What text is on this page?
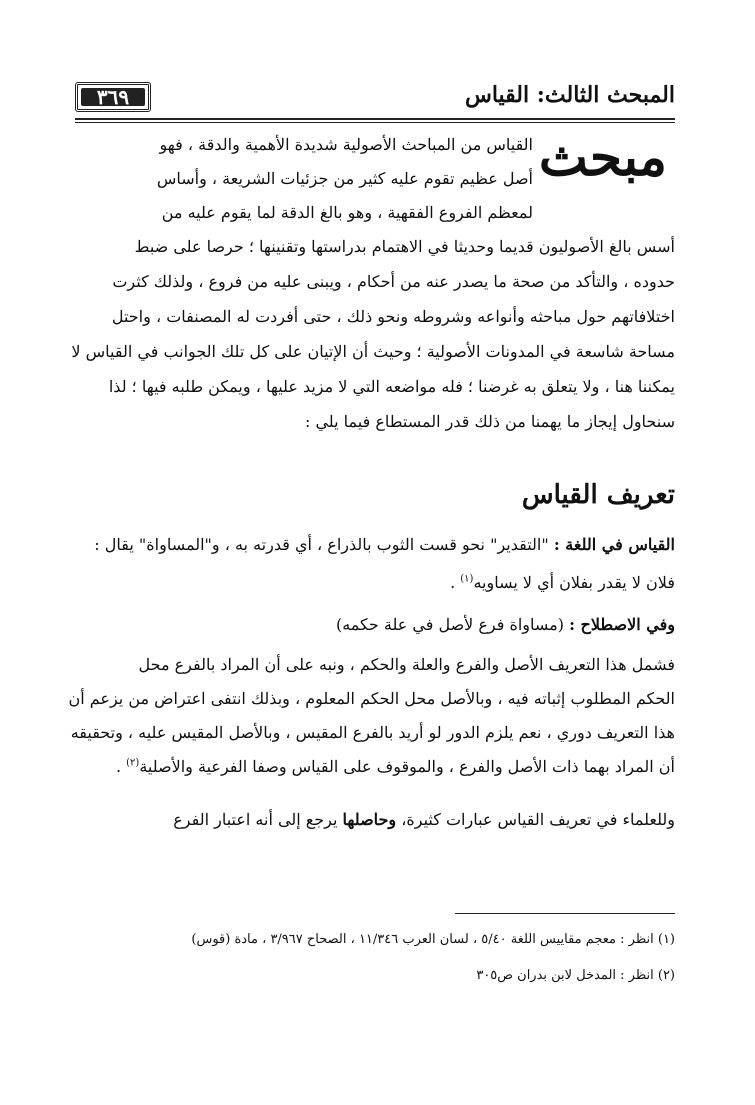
٣٦٩	المبحث الثالث: القياس
مبحث
القياس من المباحث الأصولية شديدة الأهمية والدقة ، فهو
أصل عظيم تقوم عليه كثير من جزئيات الشريعة ، وأساس
لمعظم الفروع الفقهية ، وهو بالغ الدقة لما يقوم عليه من
أسس بالغ الأصوليون قديما وحديثا في الاهتمام بدراستها وتقنينها ؛ حرصا على ضبط
حدوده ، والتأكد من صحة ما يصدر عنه من أحكام ، ويبنى عليه من فروع ، ولذلك كثرت
اختلافاتهم حول مباحثه وأنواعه وشروطه ونحو ذلك ، حتى أفردت له المصنفات ، واحتل
مساحة شاسعة في المدونات الأصولية ؛ وحيث أن الإتيان على كل تلك الجوانب في القياس لا
يمكننا هنا ، ولا يتعلق به غرضنا ؛ فله مواضعه التي لا مزيد عليها ، ويمكن طلبه فيها ؛ لذا
سنحاول إيجاز ما يهمنا من ذلك قدر المستطاع فيما يلي :
تعريف القياس
القياس في اللغة : "التقدير" نحو قست الثوب بالذراع ، أي قدرته به ، و"المساواة" يقال :
فلان لا يقدر بفلان أي لا يساويه$^{(١)}$ .
وفي الاصطلاح : (مساواة فرع لأصل في علة حكمه)
فشمل هذا التعريف الأصل والفرع والعلة والحكم ، ونبه على أن المراد بالفرع محل
الحكم المطلوب إثباته فيه ، وبالأصل محل الحكم المعلوم ، وبذلك انتفى اعتراض من يزعم أن
هذا التعريف دوري ، نعم يلزم الدور لو أريد بالفرع المقيس ، وبالأصل المقيس عليه ، وتحقيقه
أن المراد بهما ذات الأصل والفرع ، والموقوف على القياس وصفا الفرعية والأصلية$^{(٢)}$ .
وللعلماء في تعريف القياس عبارات كثيرة، وحاصلها يرجع إلى أنه اعتبار الفرع
(١) انظر : معجم مقاييس اللغة ٥/٤٠ ، لسان العرب ١١/٣٤٦ ، الصحاح ٣/٩٦٧ ، مادة (قوس)
(٢) انظر : المدخل لابن بدران ص٣٠٥
